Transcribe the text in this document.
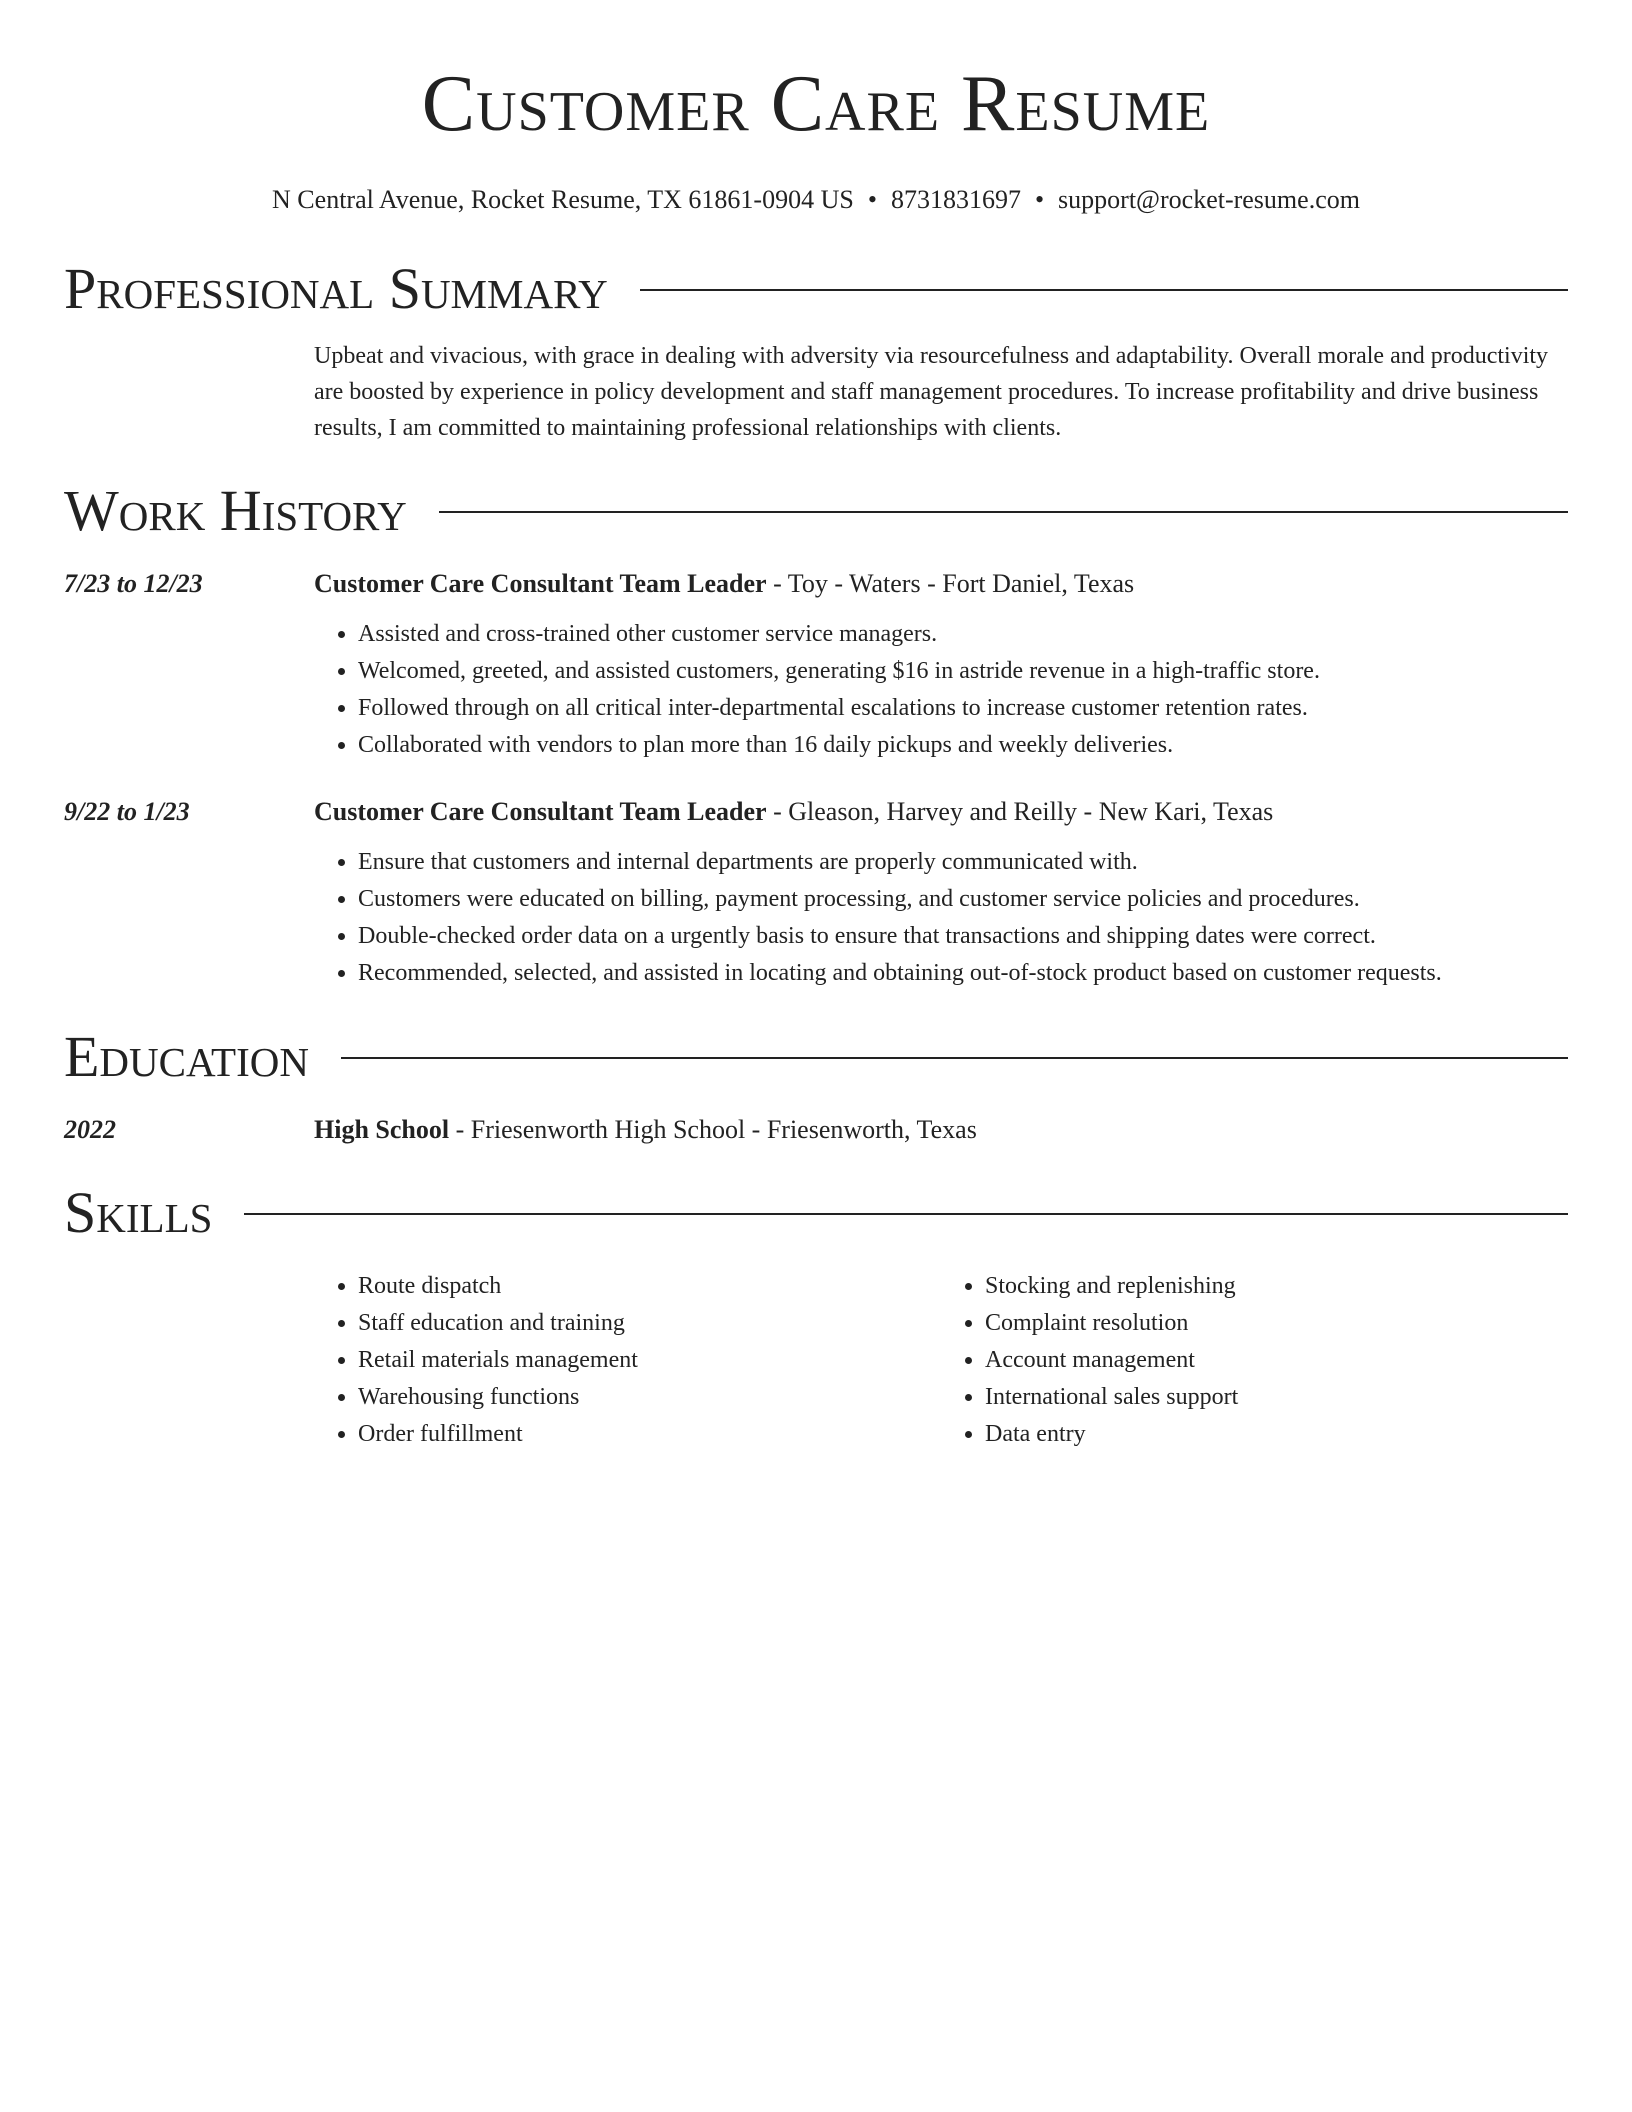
Customer Care Resume
N Central Avenue, Rocket Resume, TX 61861-0904 US • 8731831697 • support@rocket-resume.com
Professional Summary
Upbeat and vivacious, with grace in dealing with adversity via resourcefulness and adaptability. Overall morale and productivity are boosted by experience in policy development and staff management procedures. To increase profitability and drive business results, I am committed to maintaining professional relationships with clients.
Work History
7/23 to 12/23	Customer Care Consultant Team Leader - Toy - Waters - Fort Daniel, Texas
• Assisted and cross-trained other customer service managers.
• Welcomed, greeted, and assisted customers, generating $16 in astride revenue in a high-traffic store.
• Followed through on all critical inter-departmental escalations to increase customer retention rates.
• Collaborated with vendors to plan more than 16 daily pickups and weekly deliveries.
9/22 to 1/23	Customer Care Consultant Team Leader - Gleason, Harvey and Reilly - New Kari, Texas
• Ensure that customers and internal departments are properly communicated with.
• Customers were educated on billing, payment processing, and customer service policies and procedures.
• Double-checked order data on a urgently basis to ensure that transactions and shipping dates were correct.
• Recommended, selected, and assisted in locating and obtaining out-of-stock product based on customer requests.
Education
2022	High School - Friesenworth High School - Friesenworth, Texas
Skills
• Route dispatch
• Staff education and training
• Retail materials management
• Warehousing functions
• Order fulfillment
• Stocking and replenishing
• Complaint resolution
• Account management
• International sales support
• Data entry
